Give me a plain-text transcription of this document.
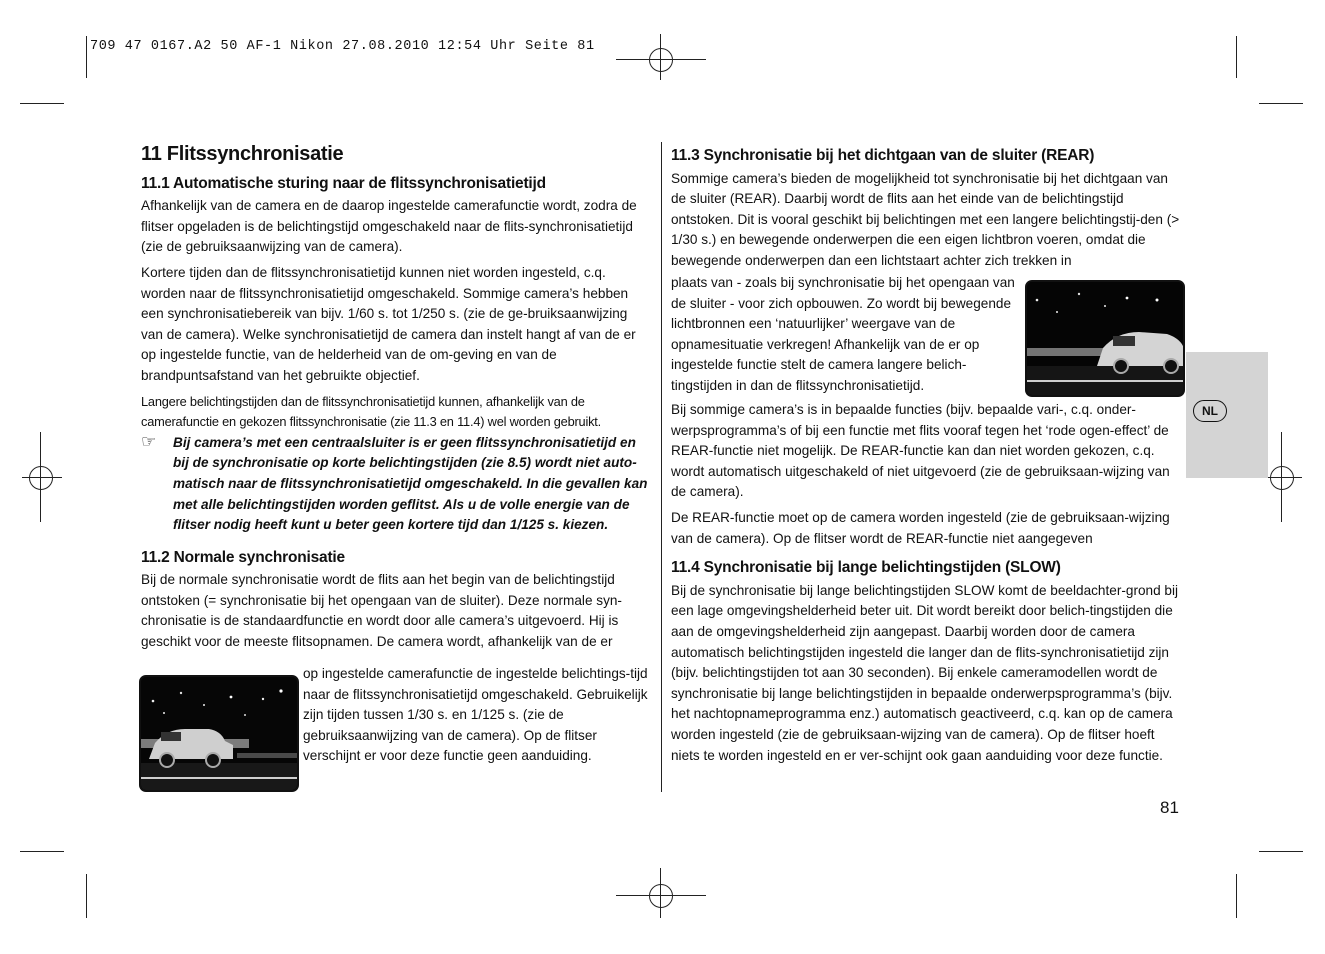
709 47 0167.A2 50 AF-1 Nikon 27.08.2010 12:54 Uhr Seite 81
11 Flitssynchronisatie
11.1 Automatische sturing naar de flitssynchronisatietijd

Afhankelijk van de camera en de daarop ingestelde camerafunctie wordt, zodra de flitser opgeladen is de belichtingstijd omgeschakeld naar de flits-synchronisatietijd (zie de gebruiksaanwijzing van de camera).

Kortere tijden dan de flitssynchronisatietijd kunnen niet worden ingesteld, c.q. worden naar de flitssynchronisatietijd omgeschakeld. Sommige camera’s hebben een synchronisatiebereik van bijv. 1/60 s. tot 1/250 s. (zie de ge-bruiksaanwijzing van de camera). Welke synchronisatietijd de camera dan instelt hangt af van de er op ingestelde functie, van de helderheid van de om-geving en van de brandpuntsafstand van het gebruikte objectief.

Langere belichtingstijden dan de flitssynchronisatietijd kunnen, afhankelijk van de camerafunctie en gekozen flitssynchronisatie (zie 11.3 en 11.4) wel worden gebruikt.

☞ Bij camera’s met een centraalsluiter is er geen flitssynchronisatietijd en bij de synchronisatie op korte belichtingstijden (zie 8.5) wordt niet auto-matisch naar de flitssynchronisatietijd omgeschakeld. In die gevallen kan met alle belichtingstijden worden geflitst. Als u de volle energie van de flitser nodig heeft kunt u beter geen kortere tijd dan 1/125 s. kiezen.
11.2 Normale synchronisatie

Bij de normale synchronisatie wordt de flits aan het begin van de belichtingstijd ontstoken (= synchronisatie bij het opengaan van de sluiter). Deze normale syn-chronisatie is de standaardfunctie en wordt door alle camera’s uitgevoerd. Hij is geschikt voor de meeste flitsopnamen. De camera wordt, afhankelijk van de er

op ingestelde camerafunctie de ingestelde belichtings-tijd naar de flitssynchronisatietijd omgeschakeld. Gebruikelijk zijn tijden tussen 1/30 s. en 1/125 s. (zie de gebruiksaanwijzing van de camera). Op de flitser verschijnt er voor deze functie geen aanduiding.

11.3 Synchronisatie bij het dichtgaan van de sluiter (REAR)

Sommige camera’s bieden de mogelijkheid tot synchronisatie bij het dichtgaan van de sluiter (REAR). Daarbij wordt de flits aan het einde van de belichtingstijd ontstoken. Dit is vooral geschikt bij belichtingen met een langere belichtingstij-den (> 1/30 s.) en bewegende onderwerpen die een eigen lichtbron voeren, omdat die bewegende onderwerpen dan een lichtstaart achter zich trekken in

plaats van - zoals bij synchronisatie bij het opengaan van de sluiter - voor zich opbouwen. Zo wordt bij bewegende lichtbronnen een ‘natuurlijker’ weergave van de opnamesituatie verkregen! Afhankelijk van de er op ingestelde functie stelt de camera langere belich-tingstijden in dan de flitssynchronisatietijd.

Bij sommige camera’s is in bepaalde functies (bijv. bepaalde vari-, c.q. onder-werpsprogramma’s of bij een functie met flits vooraf tegen het ‘rode ogen-effect’ de REAR-functie niet mogelijk. De REAR-functie kan dan niet worden gekozen, c.q. wordt automatisch uitgeschakeld of niet uitgevoerd (zie de gebruiksaan-wijzing van de camera).

De REAR-functie moet op de camera worden ingesteld (zie de gebruiksaan-wijzing van de camera). Op de flitser wordt de REAR-functie niet aangegeven

11.4 Synchronisatie bij lange belichtingstijden (SLOW)

Bij de synchronisatie bij lange belichtingstijden SLOW komt de beeldachter-grond bij een lage omgevingshelderheid beter uit. Dit wordt bereikt door belich-tingstijden die aan de omgevingshelderheid zijn aangepast. Daarbij worden door de camera automatisch belichtingstijden ingesteld die langer dan de flits-synchronisatietijd zijn (bijv. belichtingstijden tot aan 30 seconden). Bij enkele cameramodellen wordt de synchronisatie bij lange belichtingstijden in bepaalde onderwerpsprogramma’s (bijv. het nachtopnameprogramma enz.) automatisch geactiveerd, c.q. kan op de camera worden ingesteld (zie de gebruiksaan-wijzing van de camera). Op de flitser hoeft niets te worden ingesteld en er ver-schijnt ook gaan aanduiding voor deze functie.

NL
81
